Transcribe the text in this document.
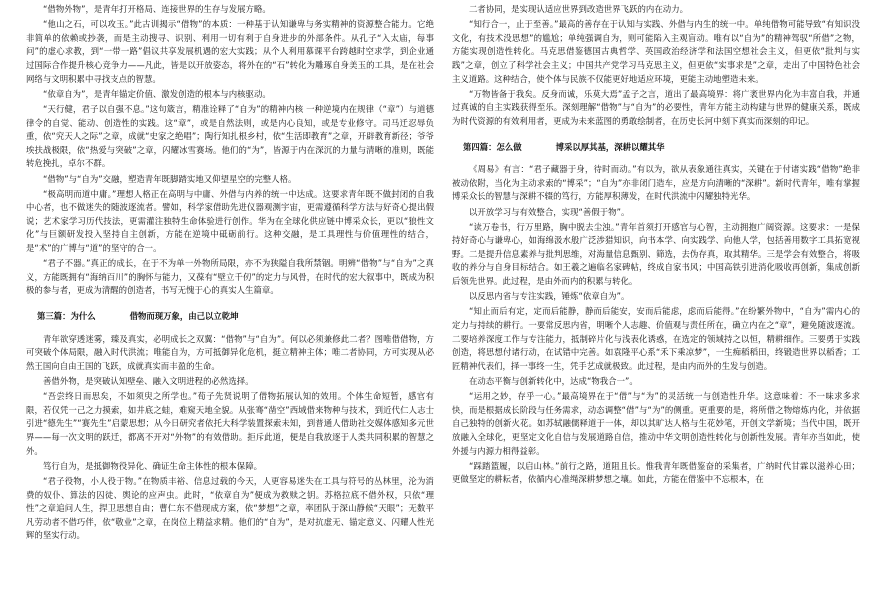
“借物外物”，是青年打开格局、连接世界的生存与发展方略。

“他山之石，可以攻玉。”此古训揭示“借物”的本质：一种基于认知谦卑与务实精神的资源整合能力。它绝非简单的依赖或抄袭，而是主动搜寻、识别、利用一切有利于自身进步的外部条件。从孔子“入太庙，每事问”的虚心求教，到“一带一路”倡议共享发展机遇的宏大实践；从个人利用慕课平台跨越时空求学，到企业通过国际合作提升核心竞争力——凡此，皆是以开放姿态，将外在的“石”转化为雕琢自身美玉的工具，是在社会网络与文明积累中寻找支点的智慧。

“依章自为”，是青年锚定价值、激发创造的根本与内核驱动。

“天行健，君子以自强不息。”这句箴言，精准诠释了“自为”的精神内核 一种逆境内在规律（“章”）与道德律令的自觉、能动、创造性的实践。这“章”，或是自然法则，或是内心良知，或是专业修守。司马迁忍辱负重，依“究天人之际”之章，成就“史家之绝唱”；陶行知扎根乡村，依“生活即教育”之章，开辟教育新径；爷爷埃扶战极限，依“热爱与突破”之章，闪耀冰雪赛场。他们的“为”，皆源于内在深沉的力量与清晰的准则，既能转危挽扎，卓尔不群。

“借物”与“自为”交融，塑造青年既脚踏实地又仰望星空的完整人格。

“极高明而道中庸。”理想人格正在高明与中庸、外借与内养的统一中达成。这要求青年既不做封闭的自我中心者，也不做迷失的随波逐流者。譬如，科学家借助先进仪器观测宇宙，更需遵循科学方法与好奇心提出假说；艺术家学习历代技法，更需灌注独特生命体验进行创作。华为在全球化供应链中博采众长，更以“狼性文化”与巨额研发投入坚持自主创新，方能在逆境中砥砺前行。这种交融，是工具理性与价值理性的结合，是“术”的广博与“道”的坚守的合一。

“君子不器。”真正的成长，在于不为单一外物所局限，亦不为狭隘自我所禁锢。明辨“借物”与“自为”之真义，方能既拥有“海纳百川”的胸怀与能力，又葆有“壁立千仞”的定力与风骨，在时代的宏大叙事中，既成为积极的参与者，更成为清醒的创造者，书写无愧于心的真实人生篇章。

第三篇：为什么	借物而现万象，由己以立乾坤

青年欲穿透迷雾，臻及真实，必明成长之双翼：“借物”与“自为”。何以必须兼修此二者？图唯借借物，方可突破个体局限，融入时代洪流；唯能自为，方可抵御异化危机，挺立精神主体；唯二者协同，方可实现从必然王国向自由王国的飞跃，成就真实而丰盈的生命。

善借外物，是突破认知壁垒、融入文明进程的必然选择。

“吾尝终日而思矣，不如须臾之所学也。”荀子先贤说明了借物拓展认知的效用。个体生命短暂，感官有限，若仅凭一己之力摸索，如井底之蛙，难窥天地全貌。从张骞“凿空”西域借来物种与技术，到近代仁人志士引进“德先生”“赛先生”启蒙思想；从今日研究者依托大科学装置探索未知，到普通人借助社交媒体感知多元世界——每一次文明的跃迁，都离不开对“外物”的有效借助。拒斥此道，便是自我放逐于人类共同积累的智慧之外。

笃行自为，是抵御物役异化、确证生命主体性的根本保障。

“君子役物，小人役于物。”在物质丰裕、信息过载的今天，人更容易迷失在工具与符号的丛林里，沦为消费的奴仆、算法的囚徒、舆论的应声虫。此时，“依章自为”便成为救赎之钥。苏格拉底不借外权，只依“理性”之章追问人生，捍卫思想自由；曹仁东不借现成方案，依“梦想”之章，率团队于深山静候“天眼”；无数平凡劳动者不借巧伴，依“敬业”之章，在岗位上精益求精。他们的“自为”，是对抗虚无、锚定意义、闪耀人性光辉的坚实行动。

二者协同，是实现认适应世界到改造世界飞跃的内在动力。

“知行合一，止于至善。”最高的善存在于认知与实践、外借与内生的统一中。单纯借物可能导致“有知识没文化，有技术没思想”的尴尬；单纯强调自为，则可能陷入主观盲动。唯有以“自为”的精神驾驭“所借”之物，方能实现创造性转化。马克思借鉴德国古典哲学、英国政治经济学和法国空想社会主义，但更依“批判与实践”之章，创立了科学社会主义；中国共产党学习马克思主义，但更依“实事求是”之章，走出了中国特色社会主义道路。这种结合，使个体与民族不仅能更好地适应环境，更能主动地塑造未来。

“万物皆备于我矣。反身而诚，乐莫大焉”孟子之言，道出了最高境界：将广袤世界内化为丰富自我，并通过真诚的自主实践获得至乐。深刻理解“借物”与“自为”的必要性，青年方能主动构建与世界的健康关系，既成为时代资源的有效利用者，更成为未来蓝图的勇敢绘制者，在历史长河中刻下真实而深刻的印记。

第四篇：怎么做	博采以厚其基，深耕以耀其华

《周易》有言：“君子藏器于身，待时而动。”有以为，欲从表象通往真实，关键在于付诸实践“借物”绝非被动依附，当化为主动求索的“博采”；“自为”亦非闭门造车，应是方向清晰的“深耕”。新时代青年，唯有掌握博采众长的智慧与深耕不辍的笃行，方能厚积薄发，在时代洪流中闪耀独特光华。

以开放学习与有效整合，实现“善假于物”。

“读万卷书，行万里路，胸中脱去尘浊。”青年首须打开感官与心智，主动拥抱广阔资源。这要求：一是保持好奇心与谦卑心，如海绵汲水般广泛涉猎知识，向书本学、向实践学、向他人学，包括善用数字工具拓宽视野。二是提升信息素养与批判思维，对海量信息甄别、筛选，去伪存真，取其精华。三是学会有效整合，将吸收的养分与自身目标结合。如王羲之遍临名家碑帖，终成自家书风；中国高铁引进消化吸收再创新，集成创新后领先世界。此过程，是由外而内的积累与转化。

以反思内省与专注实践，锤炼“依章自为”。

“知止而后有定，定而后能静，静而后能安，安而后能虑，虑而后能得。”在纷繁外物中，“自为”需内心的定力与持续的耕行。一要常反思内省，明晰个人志趣、价值观与责任所在，确立内在之“章”，避免随波逐流。二要培养深度工作与专注能力，抵制碎片化与浅表化诱惑，在选定的领域持之以恒，精耕细作。三要勇于实践创造，将思想付诸行动，在试错中完善。如袁隆平心系“禾下乘凉梦”，一生痴稻稻田，终锻造世界以稻香；工匠精神代表们，择一事终一生，凭手艺成就极致。此过程，是由内而外的生发与创造。

在动态平衡与创新转化中，达成“物我合一”。

“运用之妙，存乎一心。”最高境界在于“借”与“为”的灵活统一与创造性升华。这意味着：不一味求多求快，而是根据成长阶段与任务需求，动态调整“借”与“为”的侧重。更重要的是，将所借之物熔炼内化，并依据自己独特的创新火花。如苏轼融儒释道于一体，却以其旷达人格与生花妙笔，开创文学新境；当代中国，既开放融入全球化，更坚定文化自信与发展道路自信，推动中华文明创造性转化与创新性发展。青年亦当如此，使外援与内源力相得益彰。

“踩踏篮履，以启山林。”前行之路，道阻且长。惟我青年既借鉴奋的采集者，广纳时代甘霖以滋养心田；更做坚定的耕耘者，依循内心准绳深耕梦想之壤。如此，方能在借鉴中不忘根本，在
